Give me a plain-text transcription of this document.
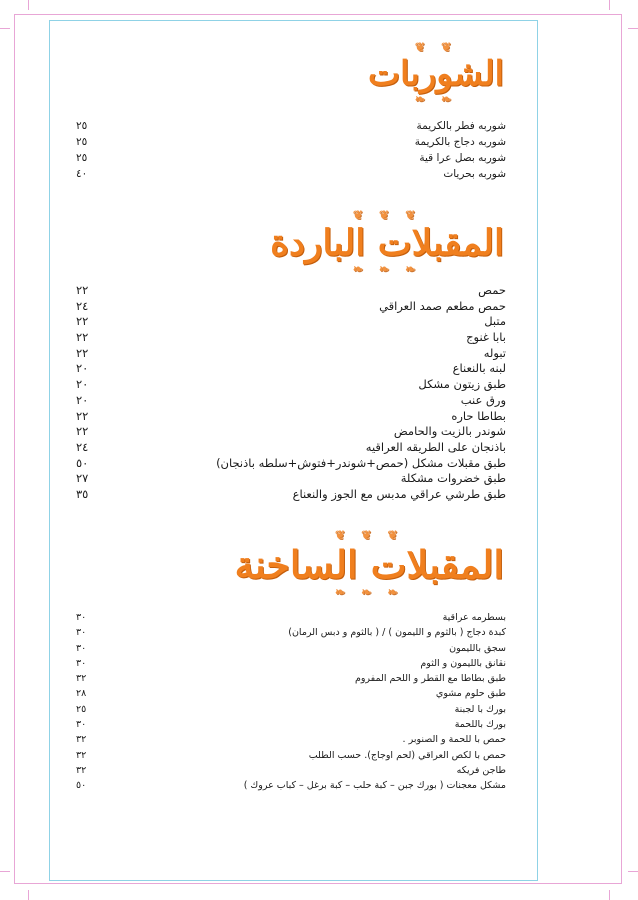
❦ ❦
الشوربات
❧ ❧
شوربه فطر بالكريمة
٢٥
شوربه دجاج بالكريمة
٢٥
شوربه بصل عرا قية
٢٥
شوربه بحريات
٤٠
❦ ❦ ❦
المقبلات الباردة
❧ ❧ ❧
حمص
٢٢
حمص مطعم صمد العراقي
٢٤
متبل
٢٢
بابا غنوج
٢٢
تبوله
٢٢
لبنه بالنعناع
٢٠
طبق زيتون مشكل
٢٠
ورق عنب
٢٠
بطاطا حاره
٢٢
شوندر بالزيت والحامض
٢٢
باذنجان على الطريقه العراقيه
٢٤
طبق مقبلات مشكل (حمص+شوندر+فتوش+سلطه باذنجان)
٥٠
طبق خضروات مشكلة
٢٧
طبق طرشي عراقي مدبس مع الجوز والنعناع
٣٥
❦ ❦ ❦
المقبلات الساخنة
❧ ❧ ❧
بسطرمه عراقية
٣٠
كبدة دجاج ( بالثوم و الليمون ) / ( بالثوم و دبس الرمان)
٣٠
سجق بالليمون
٣٠
نقانق بالليمون و الثوم
٣٠
طبق بطاطا مع القطر و اللحم المفروم
٣٢
طبق حلوم مشوي
٢٨
بورك با لجبنة
٢٥
بورك باللحمة
٣٠
حمص با للحمة و الصنوبر .
٣٢
حمص با لكص العراقي (لحم اوجاج). حسب الطلب
٣٢
طاجن فريكه
٣٢
مشكل معجنات ( بورك جبن – كبة حلب – كبة برغل – كباب عروك )
٥٠
